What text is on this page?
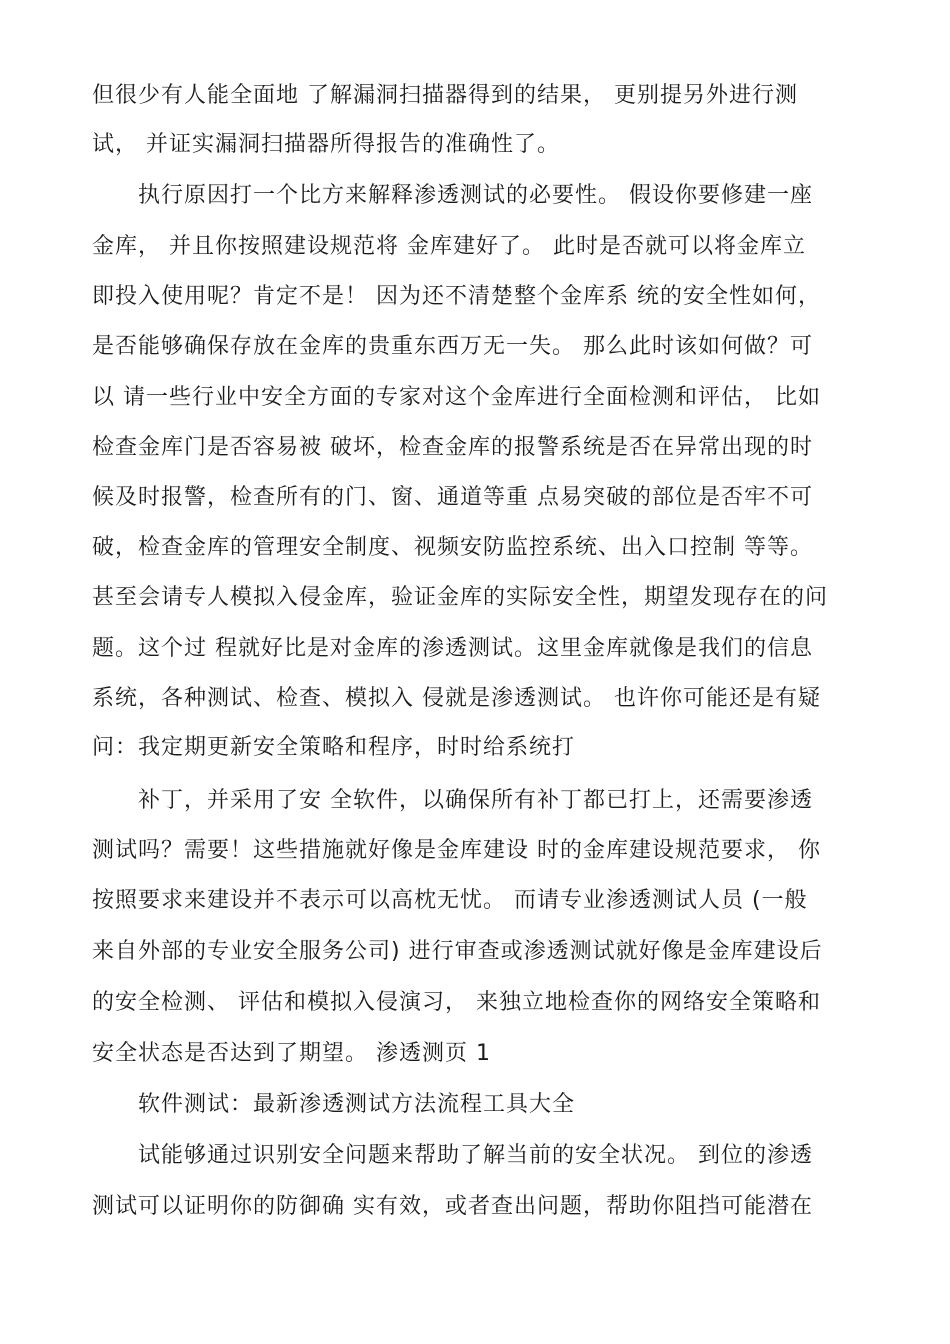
但很少有人能全面地 了解漏洞扫描器得到的结果， 更别提另外进行测

试， 并证实漏洞扫描器所得报告的准确性了。

执行原因打一个比方来解释渗透测试的必要性。 假设你要修建一座

金库， 并且你按照建设规范将 金库建好了。 此时是否就可以将金库立

即投入使用呢？肯定不是！ 因为还不清楚整个金库系 统的安全性如何，

是否能够确保存放在金库的贵重东西万无一失。 那么此时该如何做？可

以 请一些行业中安全方面的专家对这个金库进行全面检测和评估， 比如

检查金库门是否容易被 破坏，检查金库的报警系统是否在异常出现的时

候及时报警，检查所有的门、窗、通道等重 点易突破的部位是否牢不可

破，检查金库的管理安全制度、视频安防监控系统、出入口控制 等等。

甚至会请专人模拟入侵金库，验证金库的实际安全性，期望发现存在的问

题。这个过 程就好比是对金库的渗透测试。这里金库就像是我们的信息

系统，各种测试、检查、模拟入 侵就是渗透测试。 也许你可能还是有疑

问：我定期更新安全策略和程序，时时给系统打

补丁，并采用了安 全软件，以确保所有补丁都已打上，还需要渗透

测试吗？需要！这些措施就好像是金库建设 时的金库建设规范要求， 你

按照要求来建设并不表示可以高枕无忧。 而请专业渗透测试人员 (一般

来自外部的专业安全服务公司) 进行审查或渗透测试就好像是金库建设后

的安全检测、 评估和模拟入侵演习， 来独立地检查你的网络安全策略和

安全状态是否达到了期望。 渗透测页 1

软件测试：最新渗透测试方法流程工具大全

试能够通过识别安全问题来帮助了解当前的安全状况。 到位的渗透

测试可以证明你的防御确 实有效，或者查出问题，帮助你阻挡可能潜在
